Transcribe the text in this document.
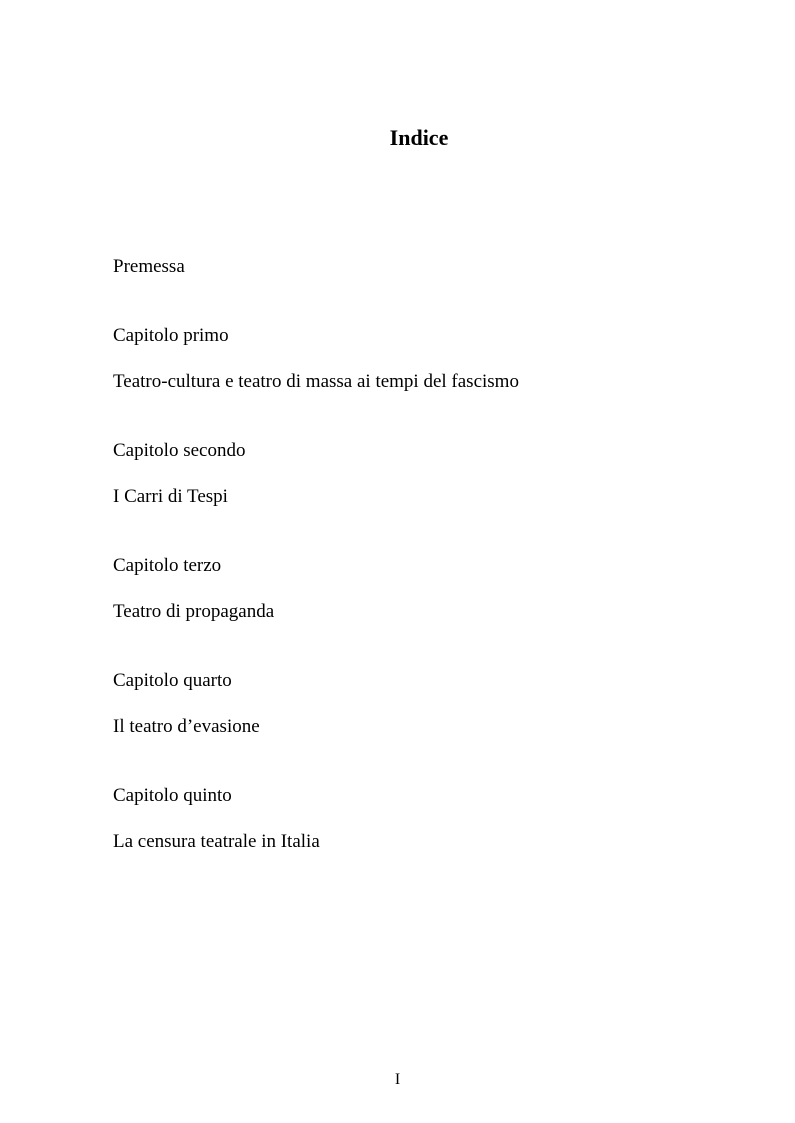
Indice

Premessa

Capitolo primo

Teatro-cultura e teatro di massa ai tempi del fascismo

Capitolo secondo

I Carri di Tespi

Capitolo terzo

Teatro di propaganda

Capitolo quarto

Il teatro d’evasione

Capitolo quinto

La censura teatrale in Italia

I
